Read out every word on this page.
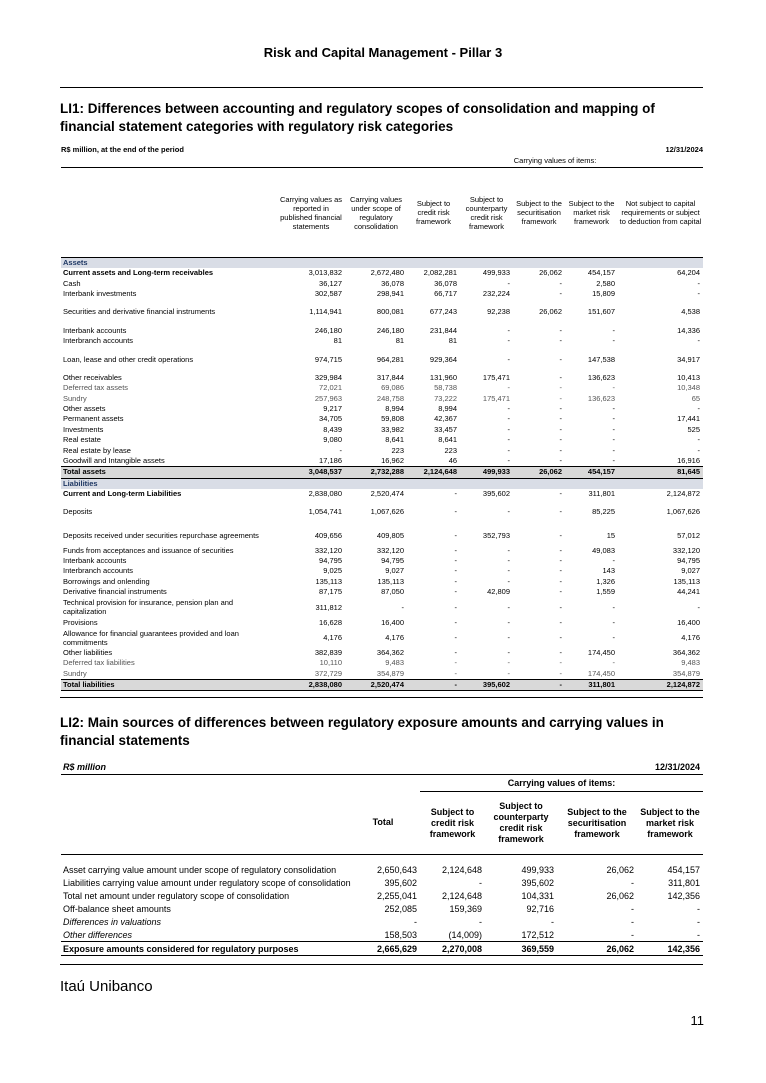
Risk and Capital Management - Pillar 3
LI1: Differences between accounting and regulatory scopes of consolidation and mapping of financial statement categories with regulatory risk categories
R$ million, at the end of the period	12/31/2024
			Carrying values of items:				
	Carrying values as reported in published financial statements	Carrying values under scope of regulatory consolidation	Subject to credit risk framework	Subject to counterparty credit risk framework	Subject to the securitisation framework	Subject to the market risk framework	Not subject to capital requirements or subject to deduction from capital
Assets							
Current assets and Long-term receivables	3,013,832	2,672,480	2,082,281	499,933	26,062	454,157	64,204
Cash	36,127	36,078	36,078	-	-	2,580	-
Interbank investments	302,587	298,941	66,717	232,224	-	15,809	-

Securities and derivative financial instruments	1,114,941	800,081	677,243	92,238	26,062	151,607	4,538

Interbank accounts	246,180	246,180	231,844	-	-	-	14,336
Interbranch accounts	81	81	81	-	-	-	-

Loan, lease and other credit operations	974,715	964,281	929,364	-	-	147,538	34,917

Other receivables	329,984	317,844	131,960	175,471	-	136,623	10,413
Deferred tax assets	72,021	69,086	58,738	-	-	-	10,348
Sundry	257,963	248,758	73,222	175,471	-	136,623	65
Other assets	9,217	8,994	8,994	-	-	-	-
Permanent assets	34,705	59,808	42,367	-	-	-	17,441
Investments	8,439	33,982	33,457	-	-	-	525
Real estate	9,080	8,641	8,641	-	-	-	-
Real estate by lease	-	223	223	-	-	-	-
Goodwill and Intangible assets	17,186	16,962	46	-	-	-	16,916
Total assets	3,048,537	2,732,288	2,124,648	499,933	26,062	454,157	81,645
Liabilities							
Current and Long-term Liabilities	2,838,080	2,520,474	-	395,602	-	311,801	2,124,872

Deposits	1,054,741	1,067,626	-	-	-	85,225	1,067,626

Deposits received under securities repurchase agreements	409,656	409,805	-	352,793	-	15	57,012
Funds from acceptances and issuance of securities	332,120	332,120	-	-	-	49,083	332,120
Interbank accounts	94,795	94,795	-	-	-	-	94,795
Interbranch accounts	9,025	9,027	-	-	-	143	9,027
Borrowings and onlending	135,113	135,113	-	-	-	1,326	135,113
Derivative financial instruments	87,175	87,050	-	42,809	-	1,559	44,241
Technical provision for insurance, pension plan and capitalization	311,812	-	-	-	-	-	-
Provisions	16,628	16,400	-	-	-	-	16,400
Allowance for financial guarantees provided and loan commitments	4,176	4,176	-	-	-	-	4,176
Other liabilities	382,839	364,362	-	-	-	174,450	364,362
Deferred tax liabilities	10,110	9,483	-	-	-	-	9,483
Sundry	372,729	354,879	-	-	-	174,450	354,879
Total liabilities	2,838,080	2,520,474	-	395,602	-	311,801	2,124,872
LI2: Main sources of differences between regulatory exposure amounts and carrying values in financial statements
R$ million				12/31/2024	
		Carrying values of items:			
	Total	Subject to credit risk framework	Subject to counterparty credit risk framework	Subject to the securitisation framework	Subject to the market risk framework

Asset carrying value amount under scope of regulatory consolidation	2,650,643	2,124,648	499,933	26,062	454,157
Liabilities carrying value amount under regulatory scope of consolidation	395,602	-	395,602	-	311,801
Total net amount under regulatory scope of consolidation	2,255,041	2,124,648	104,331	26,062	142,356
Off-balance sheet amounts	252,085	159,369	92,716	-	-
Differences in valuations	-	-	-	-	-
Other differences	158,503	(14,009)	172,512	-	-
Exposure amounts considered for regulatory purposes	2,665,629	2,270,008	369,559	26,062	142,356
Itaú Unibanco
11
